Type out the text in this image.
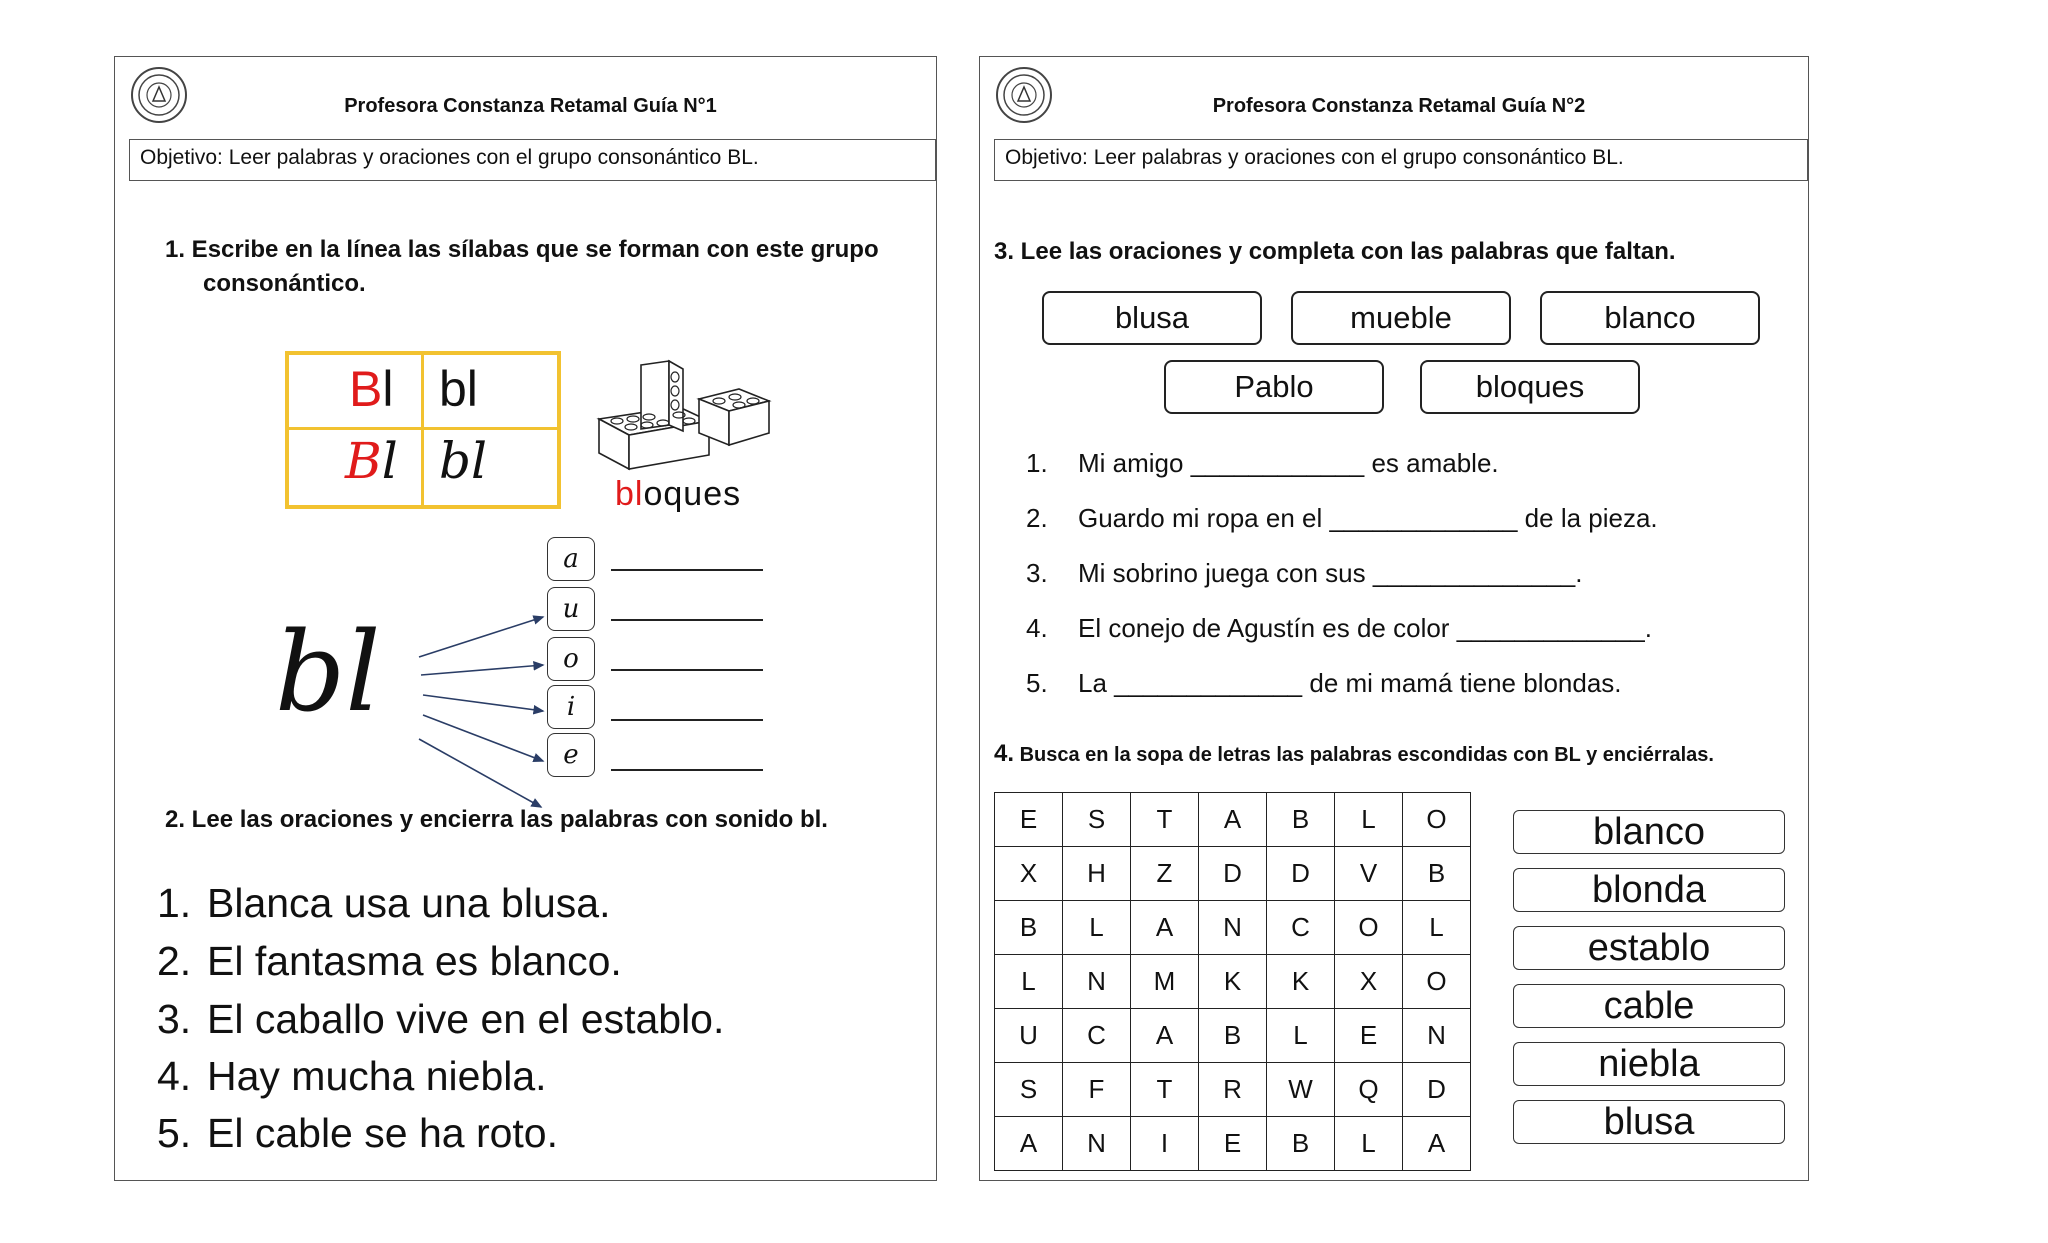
Profesora Constanza Retamal Guía N°1
Objetivo: Leer palabras y oraciones con el grupo consonántico BL.
1. Escribe en la línea las sílabas que se forman con este grupo
consonántico.
Bl bl
Bl bl
bloques
bl
a
u
o
i
e
2. Lee las oraciones y encierra las palabras con sonido bl.
1. Blanca usa una blusa.
2. El fantasma es blanco.
3. El caballo vive en el establo.
4. Hay mucha niebla.
5. El cable se ha roto.
Profesora Constanza Retamal Guía N°2
Objetivo: Leer palabras y oraciones con el grupo consonántico BL.
3. Lee las oraciones y completa con las palabras que faltan.
blusa	mueble	blanco
Pablo	bloques
1. Mi amigo ____________ es amable.
2. Guardo mi ropa en el _____________ de la pieza.
3. Mi sobrino juega con sus ______________.
4. El conejo de Agustín es de color _____________.
5. La _____________ de mi mamá tiene blondas.
4. Busca en la sopa de letras las palabras escondidas con BL y enciérralas.
E	S	T	A	B	L	O
X	H	Z	D	D	V	B
B	L	A	N	C	O	L
L	N	M	K	K	X	O
U	C	A	B	L	E	N
S	F	T	R	W	Q	D
A	N	I	E	B	L	A
blanco
blonda
establo
cable
niebla
blusa
